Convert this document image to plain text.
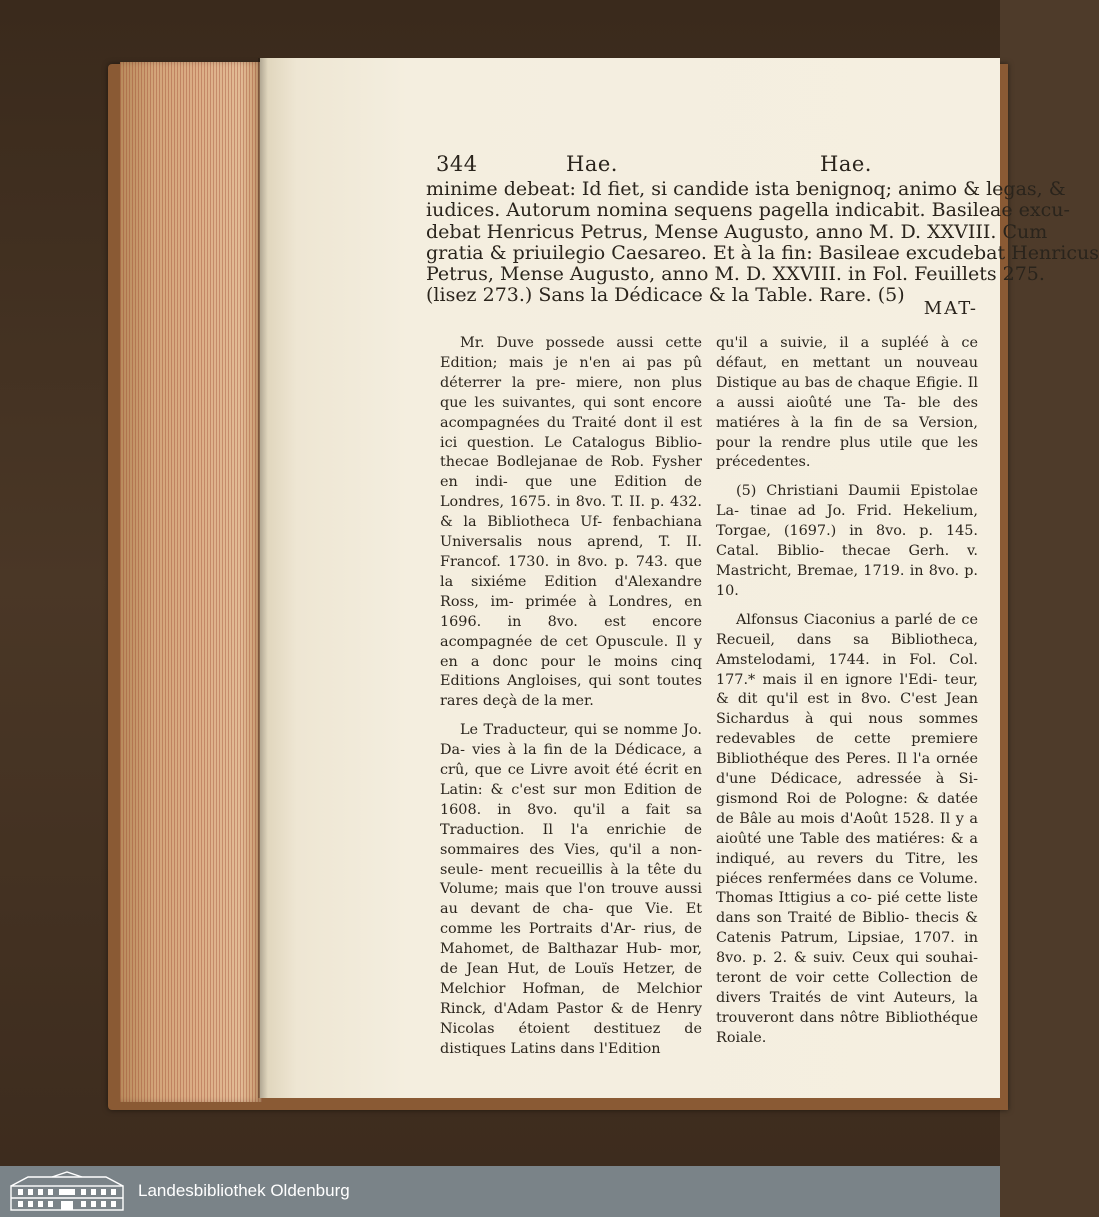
344	Hae.	Hae.
minime debeat: Id fiet, si candide ista benignoq; animo & legas, &
iudices. Autorum nomina sequens pagella indicabit. Basileae excu-
debat Henricus Petrus, Mense Augusto, anno M. D. XXVIII. Cum
gratia & priuilegio Caesareo. Et à la fin: Basileae excudebat Henricus
Petrus, Mense Augusto, anno M. D. XXVIII. in Fol. Feuillets 275.
(lisez 273.) Sans la Dédicace & la Table. Rare. (5)
MAT-

Mr. Duve possede aussi cette Edition; mais je n'en ai pas pû déterrer la pre- miere, non plus que les suivantes, qui sont encore acompagnées du Traité dont il est ici question. Le Catalogus Biblio- thecae Bodlejanae de Rob. Fysher en indi- que une Edition de Londres, 1675. in 8vo. T. II. p. 432. & la Bibliotheca Uf- fenbachiana Universalis nous aprend, T. II. Francof. 1730. in 8vo. p. 743. que la sixiéme Edition d'Alexandre Ross, im- primée à Londres, en 1696. in 8vo. est encore acompagnée de cet Opuscule. Il y en a donc pour le moins cinq Editions Angloises, qui sont toutes rares deçà de la mer.

Le Traducteur, qui se nomme Jo. Da- vies à la fin de la Dédicace, a crû, que ce Livre avoit été écrit en Latin: & c'est sur mon Edition de 1608. in 8vo. qu'il a fait sa Traduction. Il l'a enrichie de sommaires des Vies, qu'il a non-seule- ment recueillis à la tête du Volume; mais que l'on trouve aussi au devant de cha- que Vie. Et comme les Portraits d'Ar- rius, de Mahomet, de Balthazar Hub- mor, de Jean Hut, de Louïs Hetzer, de Melchior Hofman, de Melchior Rinck, d'Adam Pastor & de Henry Nicolas étoient destituez de distiques Latins dans l'Edition

qu'il a suivie, il a supléé à ce défaut, en mettant un nouveau Distique au bas de chaque Efigie. Il a aussi aioûté une Ta- ble des matiéres à la fin de sa Version, pour la rendre plus utile que les précedentes.

(5) Christiani Daumii Epistolae La- tinae ad Jo. Frid. Hekelium, Torgae, (1697.) in 8vo. p. 145. Catal. Biblio- thecae Gerh. v. Mastricht, Bremae, 1719. in 8vo. p. 10.

Alfonsus Ciaconius a parlé de ce Recueil, dans sa Bibliotheca, Amstelodami, 1744. in Fol. Col. 177.* mais il en ignore l'Edi- teur, & dit qu'il est in 8vo. C'est Jean Sichardus à qui nous sommes redevables de cette premiere Bibliothéque des Peres. Il l'a ornée d'une Dédicace, adressée à Si- gismond Roi de Pologne: & datée de Bâle au mois d'Août 1528. Il y a aioûté une Table des matiéres: & a indiqué, au revers du Titre, les piéces renfermées dans ce Volume. Thomas Ittigius a co- pié cette liste dans son Traité de Biblio- thecis & Catenis Patrum, Lipsiae, 1707. in 8vo. p. 2. & suiv. Ceux qui souhai- teront de voir cette Collection de divers Traités de vint Auteurs, la trouveront dans nôtre Bibliothéque Roiale.

Landesbibliothek Oldenburg
